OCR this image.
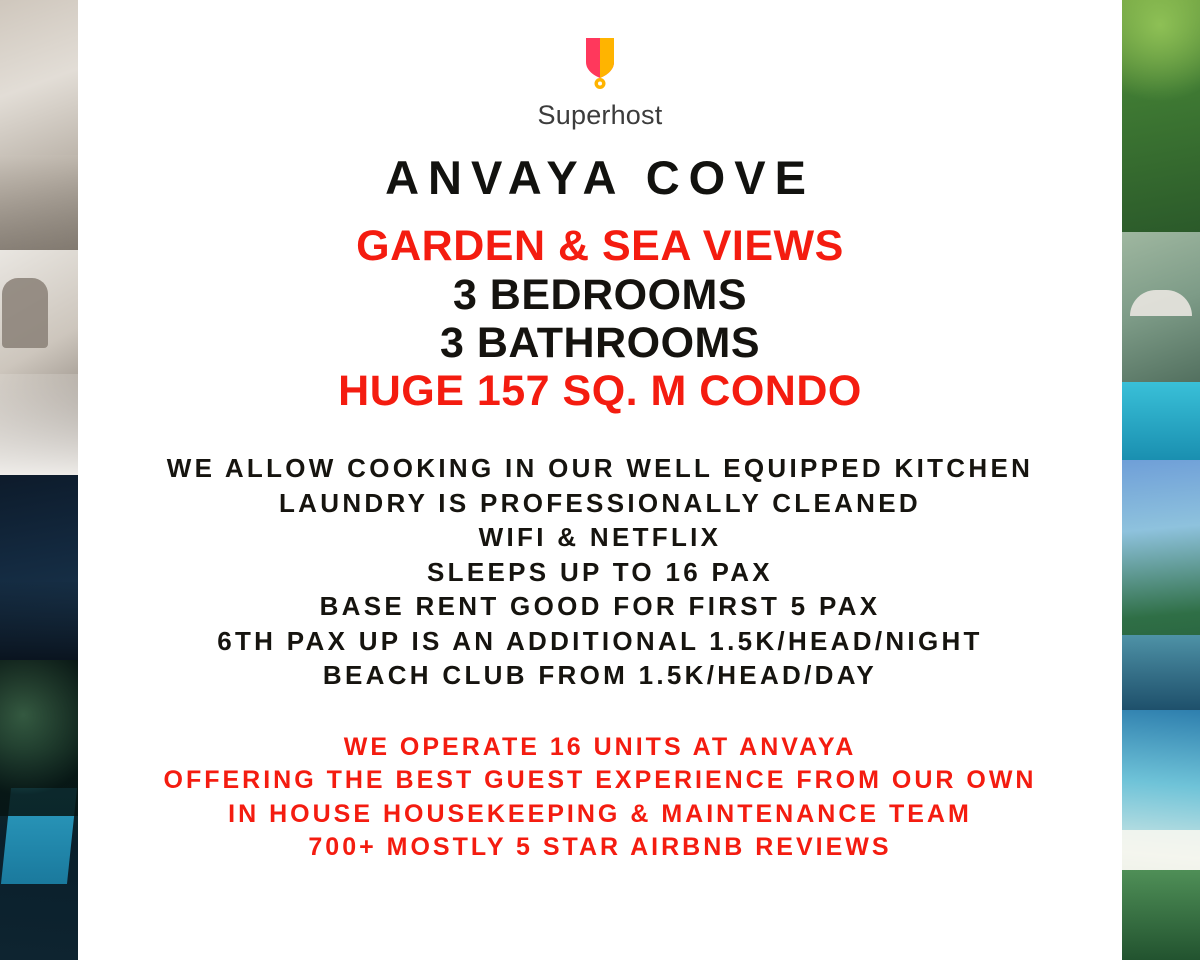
Superhost
ANVAYA COVE
GARDEN & SEA VIEWS
3 BEDROOMS
3 BATHROOMS
HUGE 157 SQ. M CONDO
WE ALLOW COOKING IN OUR WELL EQUIPPED KITCHEN
LAUNDRY IS PROFESSIONALLY CLEANED
WIFI & NETFLIX
SLEEPS UP TO 16 PAX
BASE RENT GOOD FOR FIRST 5 PAX
6TH PAX UP IS AN ADDITIONAL 1.5K/HEAD/NIGHT
BEACH CLUB FROM 1.5K/HEAD/DAY
WE OPERATE 16 UNITS AT ANVAYA
OFFERING THE BEST GUEST EXPERIENCE FROM OUR OWN
IN HOUSE HOUSEKEEPING & MAINTENANCE TEAM
700+ MOSTLY 5 STAR AIRBNB REVIEWS
